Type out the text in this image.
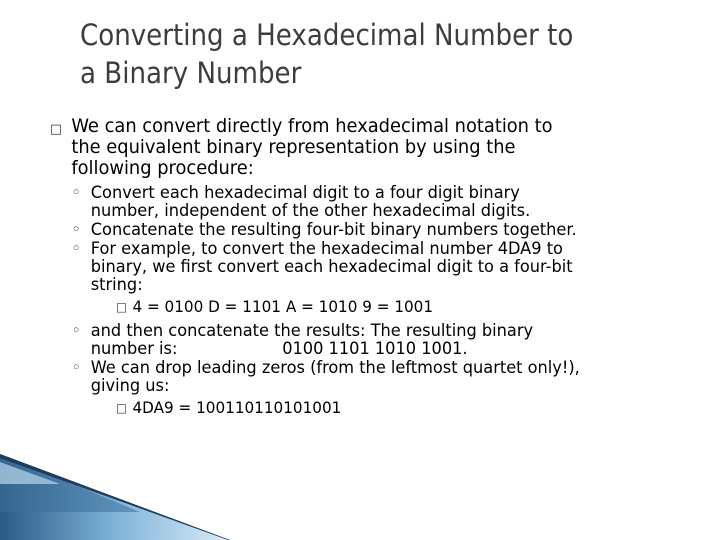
Converting a Hexadecimal Number to
a Binary Number
□ We can convert directly from hexadecimal notation to
the equivalent binary representation by using the
following procedure:
◦ Convert each hexadecimal digit to a four digit binary
number, independent of the other hexadecimal digits.
◦ Concatenate the resulting four-bit binary numbers together.
◦ For example, to convert the hexadecimal number 4DA9 to
binary, we first convert each hexadecimal digit to a four-bit
string:
□ 4 = 0100 D = 1101 A = 1010 9 = 1001
◦ and then concatenate the results: The resulting binary
number is:	0100 1101 1010 1001.
◦ We can drop leading zeros (from the leftmost quartet only!),
giving us:
□ 4DA9 = 100110110101001
